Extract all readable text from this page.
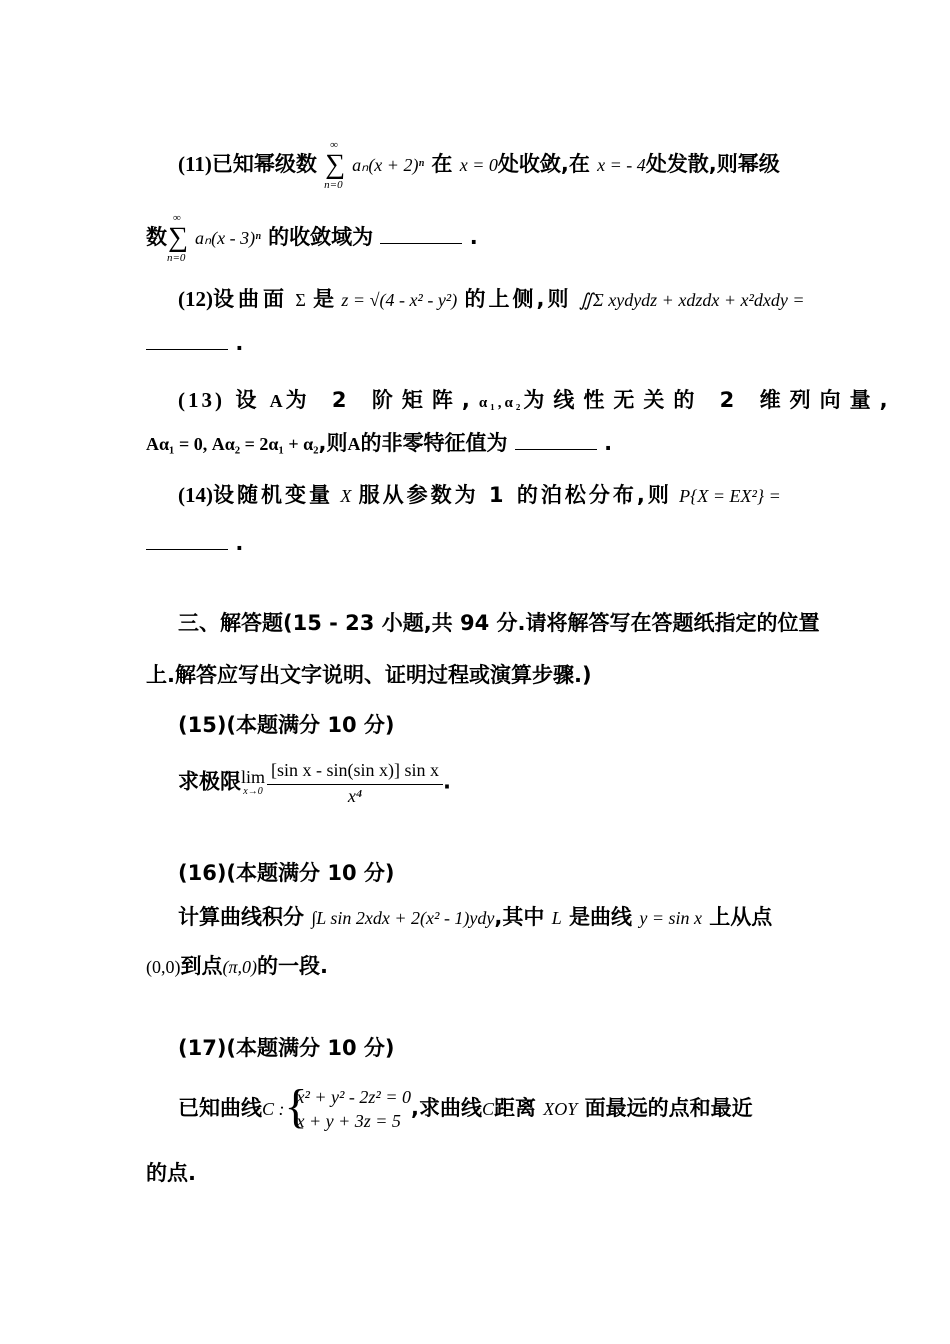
(11)已知幂级数
∞
∑
n=0
aₙ(x + 2)ⁿ 在 x = 0处收敛,在 x = - 4处发散,则幂级
数
∞
∑
n=0
aₙ(x - 3)ⁿ 的收敛域为	.
(12)设曲面 Σ 是 z = √(4 - x² - y²) 的上侧,则 ∬Σ xydydz + xdzdx + x²dxdy =
.
(13) 设 A为 2 阶矩阵,α₁,α₂为线性无关的 2 维列向量,
Aα₁ = 0, Aα₂ = 2α₁ + α₂,则A的非零特征值为	.
(14)设随机变量 X 服从参数为 1 的泊松分布,则 P{X = EX²} =
.
三、解答题(15 - 23 小题,共 94 分.请将解答写在答题纸指定的位置
上.解答应写出文字说明、证明过程或演算步骤.)
(15)(本题满分 10 分)
求极限lim
$x\to 0 \frac{\text{[sin x - sin(sin x)] sin x}}{\text{x⁴}}$ .
(16)(本题满分 10 分)
计算曲线积分 ∫L sin 2xdx + 2(x² - 1)ydy,其中 L 是曲线 y = sin x 上从点
(0,0)到点(π,0)的一段.
(17)(本题满分 10 分)
已知曲线C : {
x² + y² - 2z² = 0
x + y + 3z = 5
,求曲线C距离 XOY 面最远的点和最近
的点.
